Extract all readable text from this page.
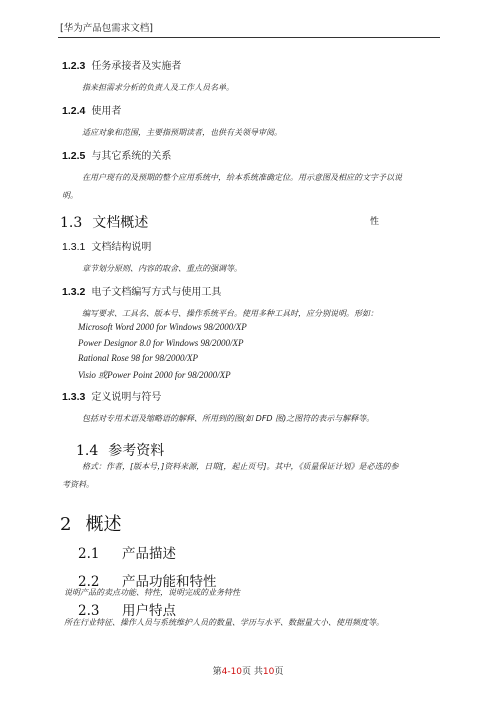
[华为产品包需求文档]
1.2.3 任务承接者及实施者
指来担需求分析的负责人及工作人员名单。
1.2.4 使用者
适应对象和范围，主要指预期读者，也供有关领导审阅。
1.2.5 与其它系统的关系
在用户现有的及预期的整个应用系统中，给本系统准确定位。用示意图及相应的文字予以说
明。
1.3 文档概述	性
1.3.1 文档结构说明
章节划分原则、内容的取舍、重点的强调等。
1.3.2 电子文档编写方式与使用工具
编写要求、工具名、版本号、操作系统平台。使用多种工具时，应分别说明。形如：
Microsoft Word 2000 for Windows 98/2000/XP
Power Designor 8.0 for Windows 98/2000/XP
Rational Rose 98 for 98/2000/XP
Visio 或Power Point 2000 for 98/2000/XP
1.3.3 定义说明与符号
包括对专用术语及缩略语的解释、所用到的图(如 DFD 图)之图符的表示与解释等。
1.4 参考资料
格式：作者，[版本号，]资料来源，日期[，起止页号]。其中，《质量保证计划》是必选的参
考资料。
2 概述
2.1 产品描述
2.2 产品功能和特性
说明产品的卖点功能、特性，说明完成的业务特性
2.3 用户特点
所在行业特征、操作人员与系统维护人员的数量、学历与水平、数据量大小、使用频度等。
第4-10页 共10页
